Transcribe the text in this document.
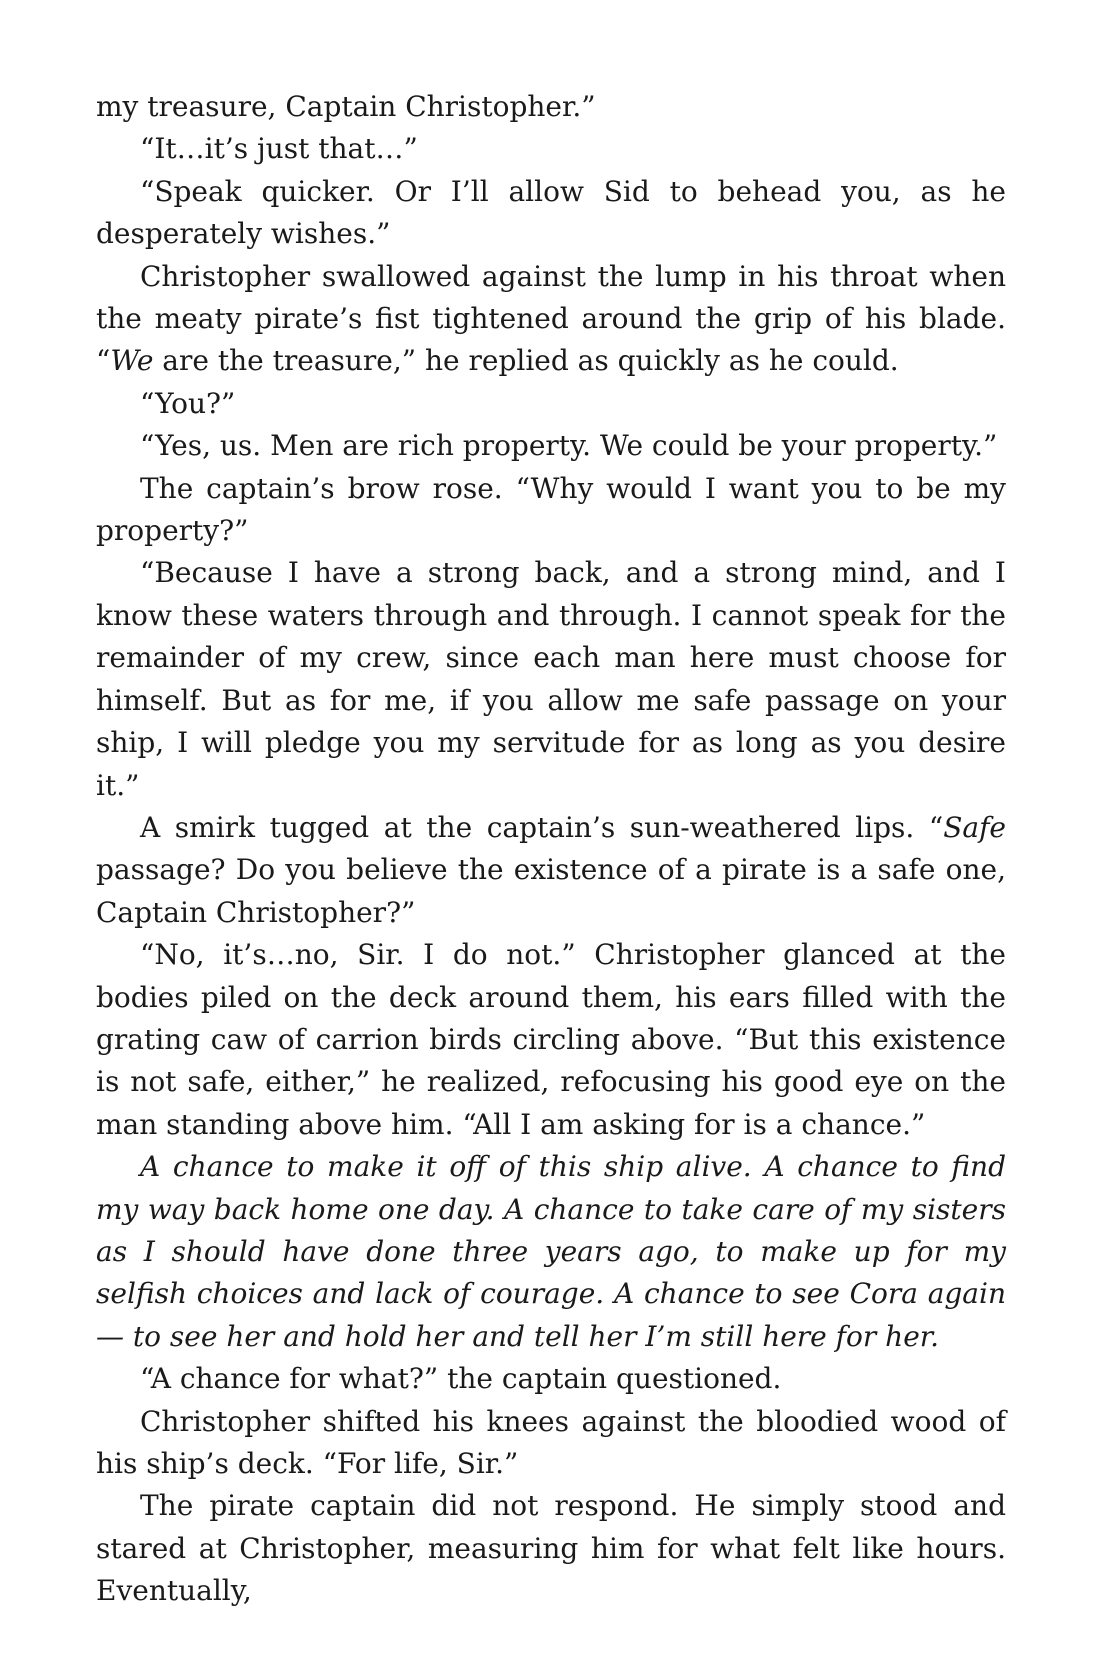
my treasure, Captain Christopher.”

“It…it’s just that…”

“Speak quicker. Or I’ll allow Sid to behead you, as he desperately wishes.”

Christopher swallowed against the lump in his throat when the meaty pirate’s fist tightened around the grip of his blade. “We are the treasure,” he replied as quickly as he could.

“You?”

“Yes, us. Men are rich property. We could be your property.”

The captain’s brow rose. “Why would I want you to be my property?”

“Because I have a strong back, and a strong mind, and I know these waters through and through. I cannot speak for the remainder of my crew, since each man here must choose for himself. But as for me, if you allow me safe passage on your ship, I will pledge you my servitude for as long as you desire it.”

A smirk tugged at the captain’s sun-weathered lips. “Safe passage? Do you believe the existence of a pirate is a safe one, Captain Christopher?”

“No, it’s…no, Sir. I do not.” Christopher glanced at the bodies piled on the deck around them, his ears filled with the grating caw of carrion birds circling above. “But this existence is not safe, either,” he realized, refocusing his good eye on the man standing above him. “All I am asking for is a chance.”

A chance to make it off of this ship alive. A chance to find my way back home one day. A chance to take care of my sisters as I should have done three years ago, to make up for my selfish choices and lack of courage. A chance to see Cora again — to see her and hold her and tell her I’m still here for her.

“A chance for what?” the captain questioned.

Christopher shifted his knees against the bloodied wood of his ship’s deck. “For life, Sir.”

The pirate captain did not respond. He simply stood and stared at Christopher, measuring him for what felt like hours. Eventually,
